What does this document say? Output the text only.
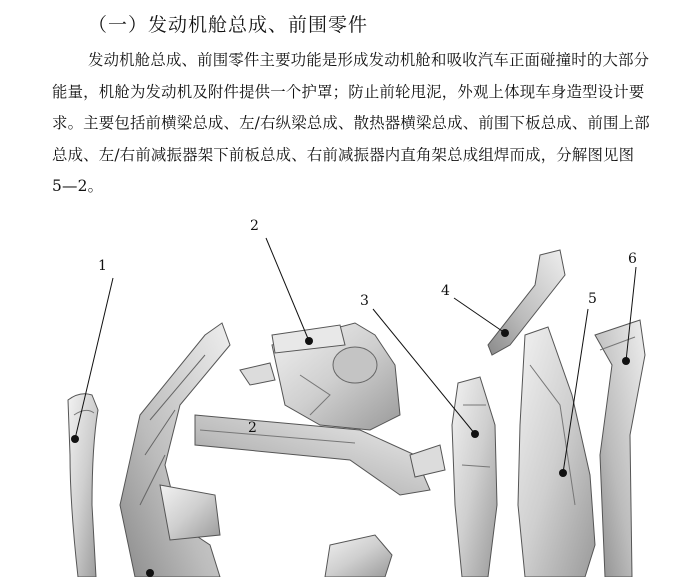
（一）发动机舱总成、前围零件
发动机舱总成、前围零件主要功能是形成发动机舱和吸收汽车正面碰撞时的大部分
能量，机舱为发动机及附件提供一个护罩；防止前轮甩泥，外观上体现车身造型设计要
求。主要包括前横梁总成、左/右纵梁总成、散热器横梁总成、前围下板总成、前围上部
总成、左/右前减振器架下前板总成、右前减振器内直角架总成组焊而成，分解图见图
5—2。
1
2
2
3
4	5
6
